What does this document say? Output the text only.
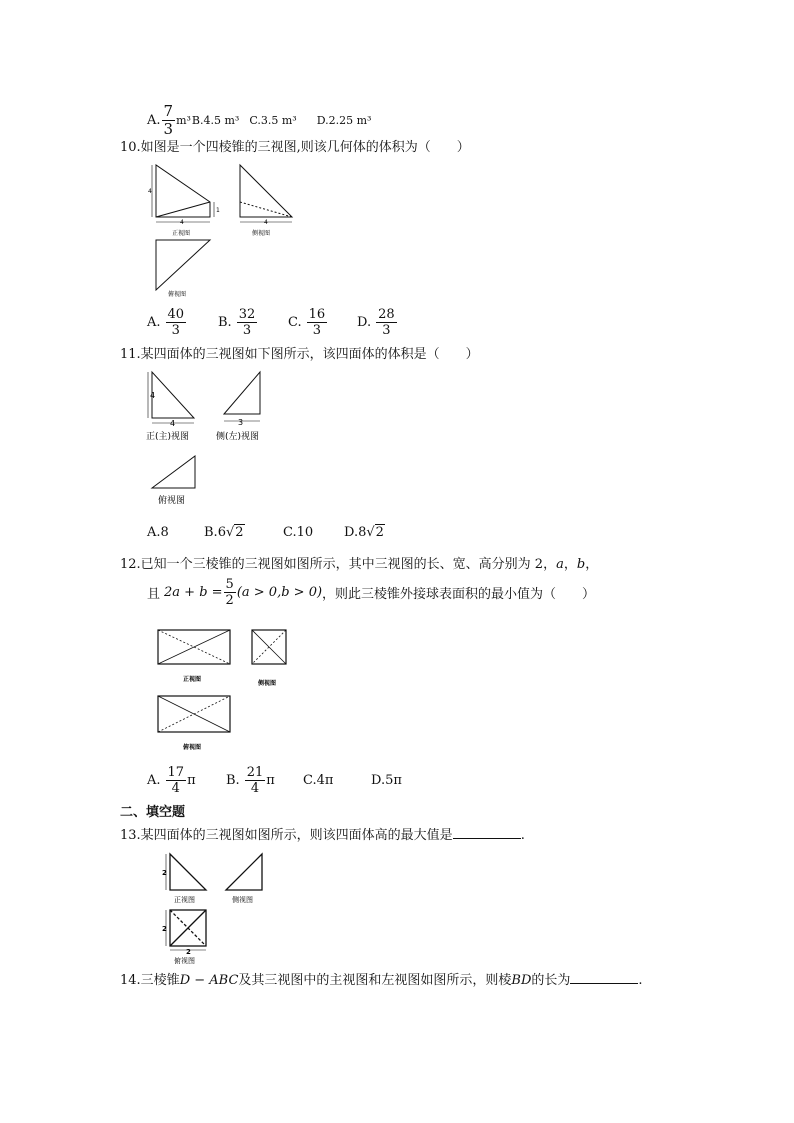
A. $\frac{7}{3} m^3$ B.4.5 m³ C.3.5 m³ D.2.25 m³
10.如图是一个四棱锥的三视图,则该几何体的体积为（　　）
4
4
1
正视图
4
侧视图
俯视图
A. $\frac{40}{3} B$. $\frac{32}{3} C$. $\frac{16}{3} D$. $\frac{28}{3}$
11.某四面体的三视图如下图所示，该四面体的体积是（　　）
4
4
正(主)视图
3
侧(左)视图
俯视图
A.8	B.6√2	C.10 D.8√2
12.已知一个三棱锥的三视图如图所示，其中三视图的长、宽、高分别为 2，a，b，
且 $2a + b = \frac{5}{2} (a > 0,b > 0)$ ，则此三棱锥外接球表面积的最小值为（　　）
正视图
侧视图
俯视图
A. $\frac{17}{4}$ π B. $\frac{21}{4}$ π C.4π	D.5π
二、填空题
13.某四面体的三视图如图所示，则该四面体高的最大值是	.
2
正视图	侧视图
2
2
俯视图
14.三棱锥D − ABC及其三视图中的主视图和左视图如图所示，则棱BD的长为	.
